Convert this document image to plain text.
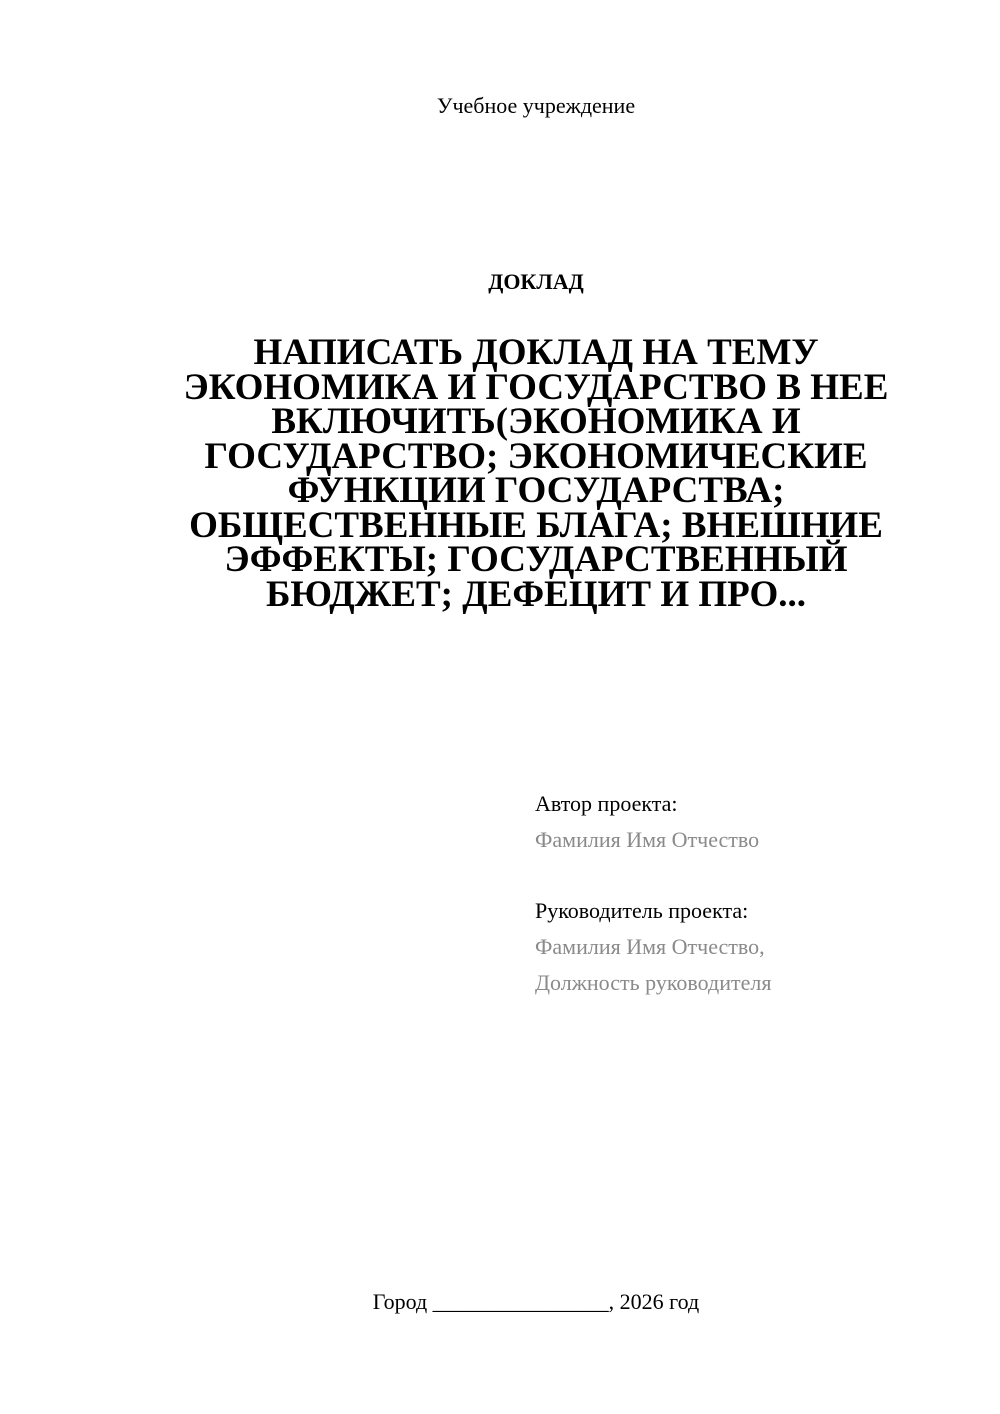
Учебное учреждение
ДОКЛАД
НАПИСАТЬ ДОКЛАД НА ТЕМУ
ЭКОНОМИКА И ГОСУДАРСТВО В НЕЕ
ВКЛЮЧИТЬ(ЭКОНОМИКА И
ГОСУДАРСТВО; ЭКОНОМИЧЕСКИЕ
ФУНКЦИИ ГОСУДАРСТВА;
ОБЩЕСТВЕННЫЕ БЛАГА; ВНЕШНИЕ
ЭФФЕКТЫ; ГОСУДАРСТВЕННЫЙ
БЮДЖЕТ; ДЕФЕЦИТ И ПРО...
Автор проекта:
Фамилия Имя Отчество
Руководитель проекта:
Фамилия Имя Отчество,
Должность руководителя
Город ________________, 2026 год
